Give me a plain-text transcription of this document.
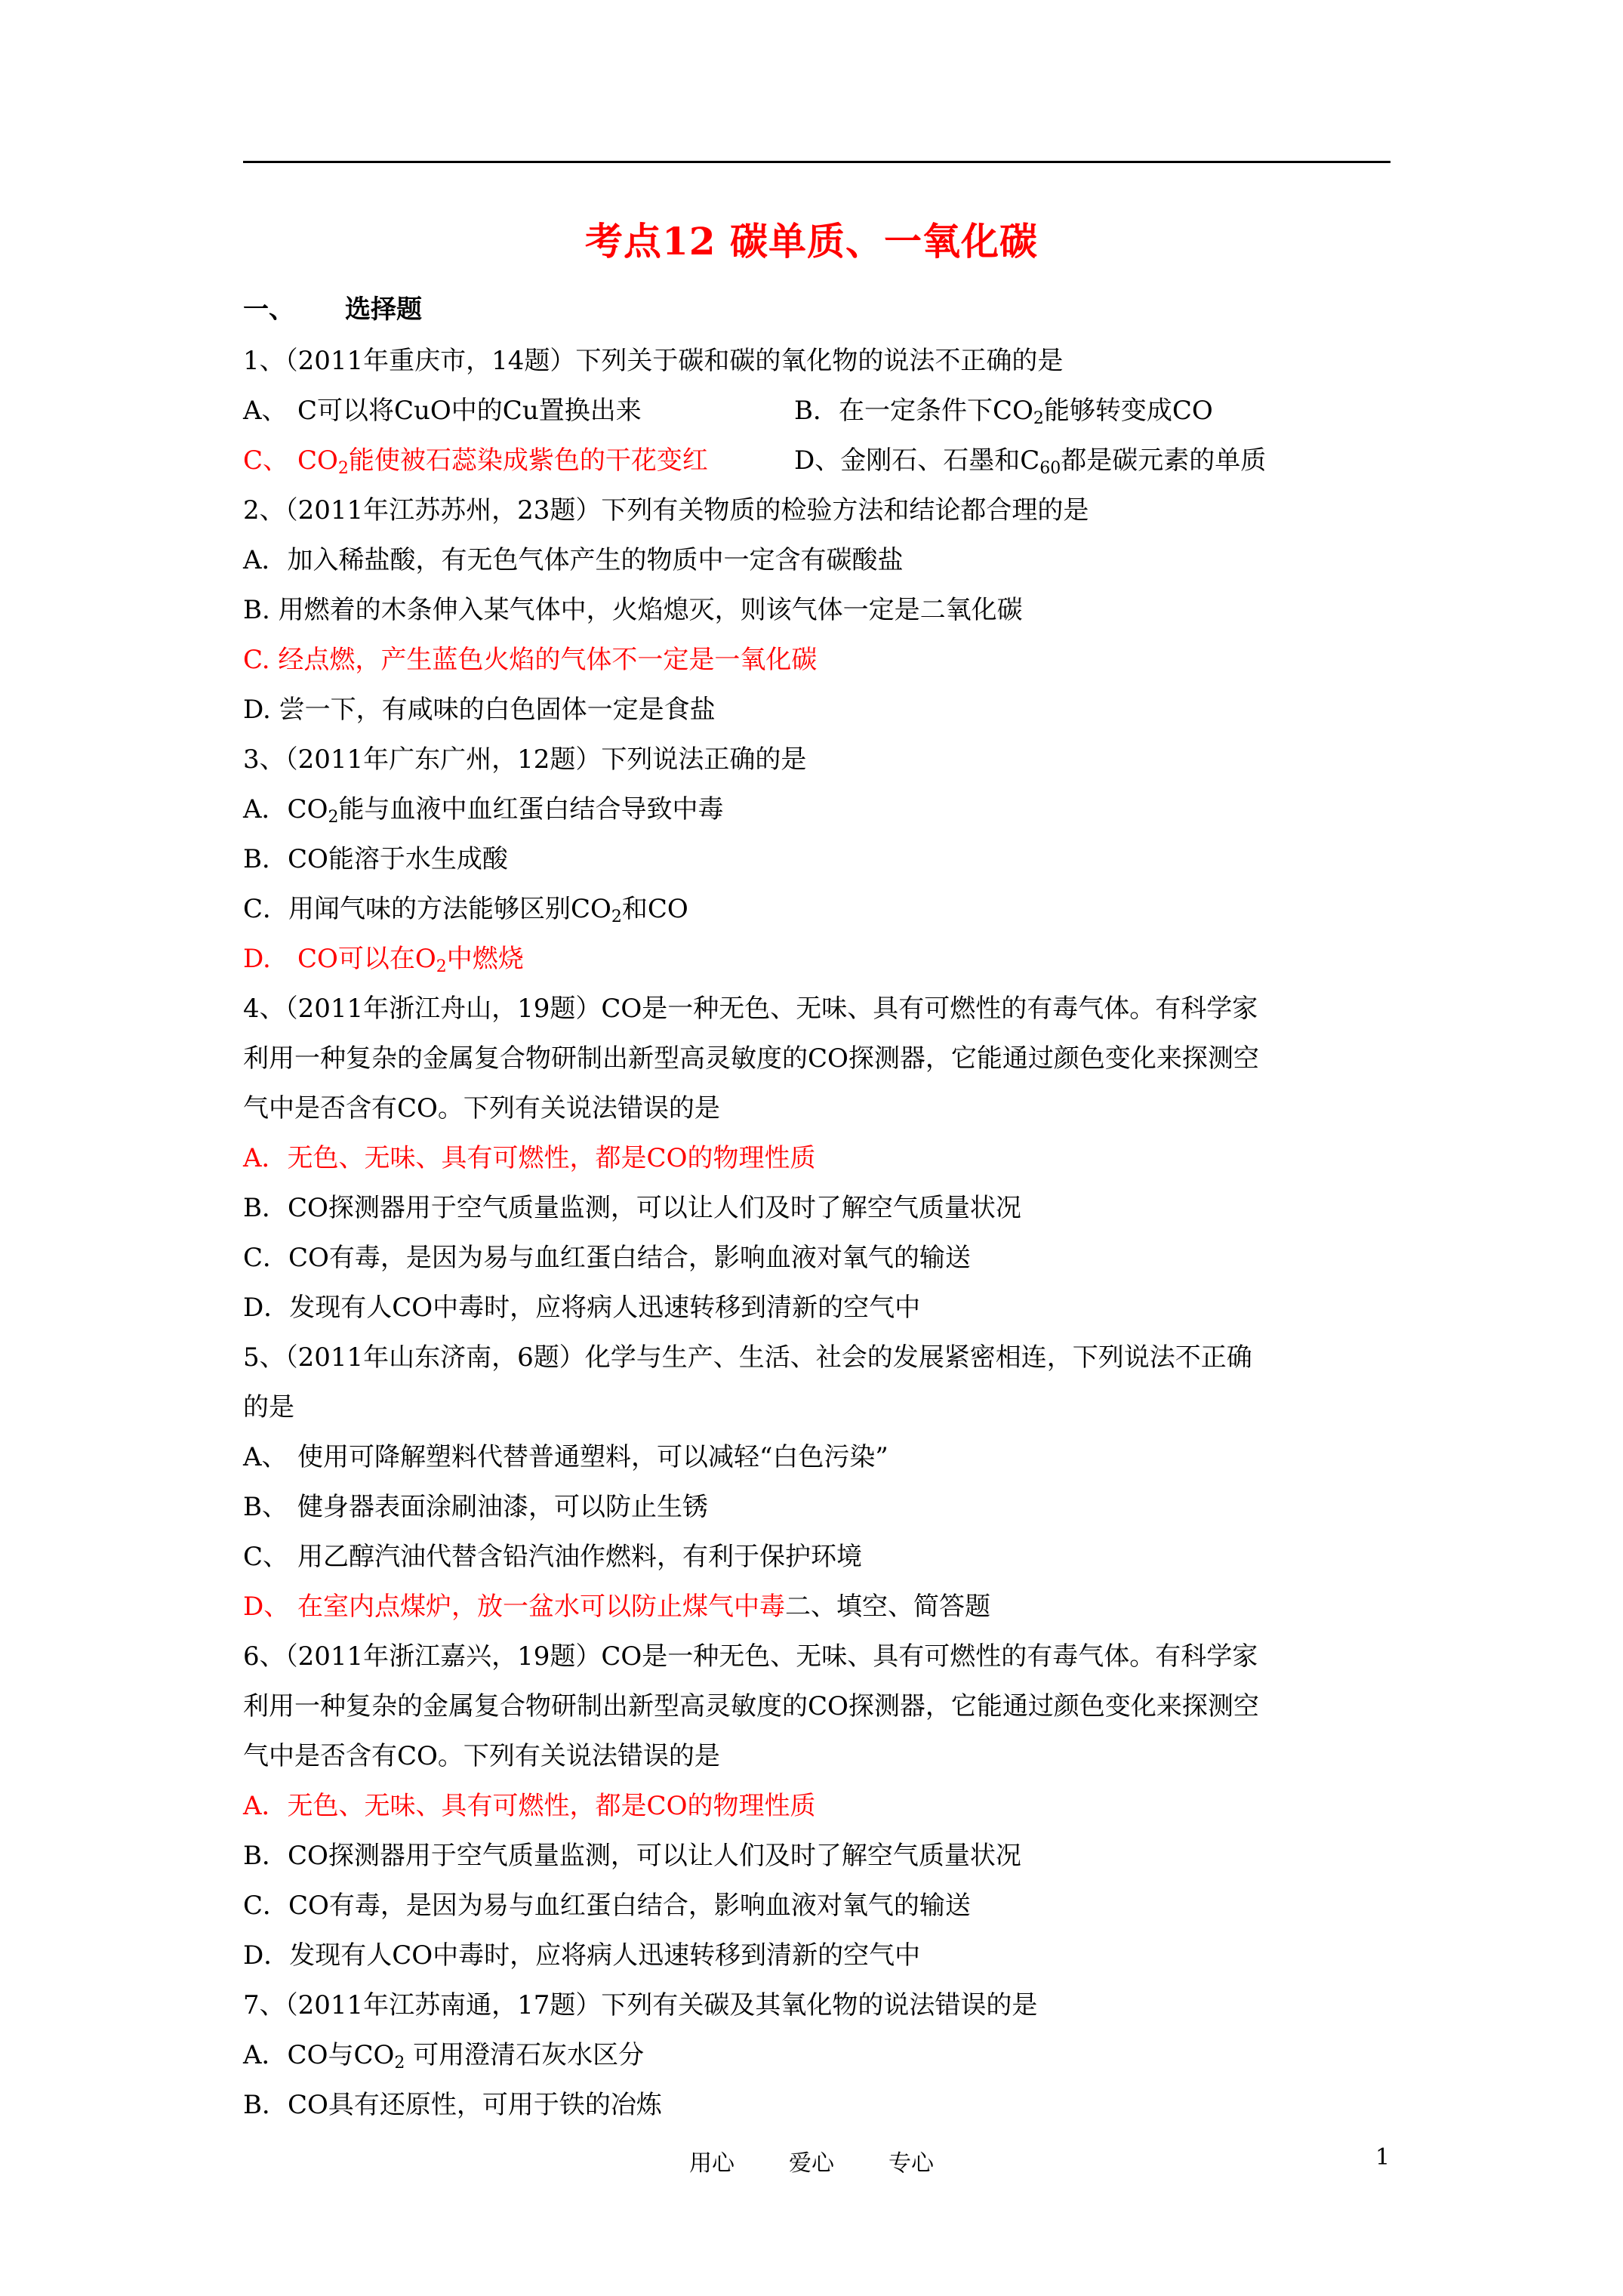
考点12 碳单质、一氧化碳
一、 选择题
1、（2011年重庆市，14题）下列关于碳和碳的氧化物的说法不正确的是
A、 C可以将CuO中的Cu置换出来	B．在一定条件下$CO_2$能够转变成CO
C、 $CO_2$能使被石蕊染成紫色的干花变红	D、金刚石、石墨和$C_{60}$都是碳元素的单质
2、（2011年江苏苏州，23题）下列有关物质的检验方法和结论都合理的是
A．加入稀盐酸，有无色气体产生的物质中一定含有碳酸盐
B. 用燃着的木条伸入某气体中，火焰熄灭，则该气体一定是二氧化碳
C. 经点燃，产生蓝色火焰的气体不一定是一氧化碳
D. 尝一下，有咸味的白色固体一定是食盐
3、（2011年广东广州，12题）下列说法正确的是
A．$CO_2$能与血液中血红蛋白结合导致中毒
B．CO能溶于水生成酸
C．用闻气味的方法能够区别$CO_2$和CO
D. CO可以在$O_2$中燃烧
4、（2011年浙江舟山，19题）CO是一种无色、无味、具有可燃性的有毒气体。有科学家
利用一种复杂的金属复合物研制出新型高灵敏度的CO探测器，它能通过颜色变化来探测空
气中是否含有CO。下列有关说法错误的是
A．无色、无味、具有可燃性，都是CO的物理性质
B．CO探测器用于空气质量监测，可以让人们及时了解空气质量状况
C．CO有毒，是因为易与血红蛋白结合，影响血液对氧气的输送
D．发现有人CO中毒时，应将病人迅速转移到清新的空气中
5、（2011年山东济南，6题）化学与生产、生活、社会的发展紧密相连，下列说法不正确
的是
A、 使用可降解塑料代替普通塑料，可以减轻“白色污染”
B、 健身器表面涂刷油漆，可以防止生锈
C、 用乙醇汽油代替含铅汽油作燃料，有利于保护环境
D、 在室内点煤炉，放一盆水可以防止煤气中毒二、填空、简答题
6、（2011年浙江嘉兴，19题）CO是一种无色、无味、具有可燃性的有毒气体。有科学家
利用一种复杂的金属复合物研制出新型高灵敏度的CO探测器，它能通过颜色变化来探测空
气中是否含有CO。下列有关说法错误的是
A．无色、无味、具有可燃性，都是CO的物理性质
B．CO探测器用于空气质量监测，可以让人们及时了解空气质量状况
C．CO有毒，是因为易与血红蛋白结合，影响血液对氧气的输送
D．发现有人CO中毒时，应将病人迅速转移到清新的空气中
7、（2011年江苏南通，17题）下列有关碳及其氧化物的说法错误的是
A．CO与$CO_2$ 可用澄清石灰水区分
B．CO具有还原性，可用于铁的冶炼
用心 爱心 专心	1
